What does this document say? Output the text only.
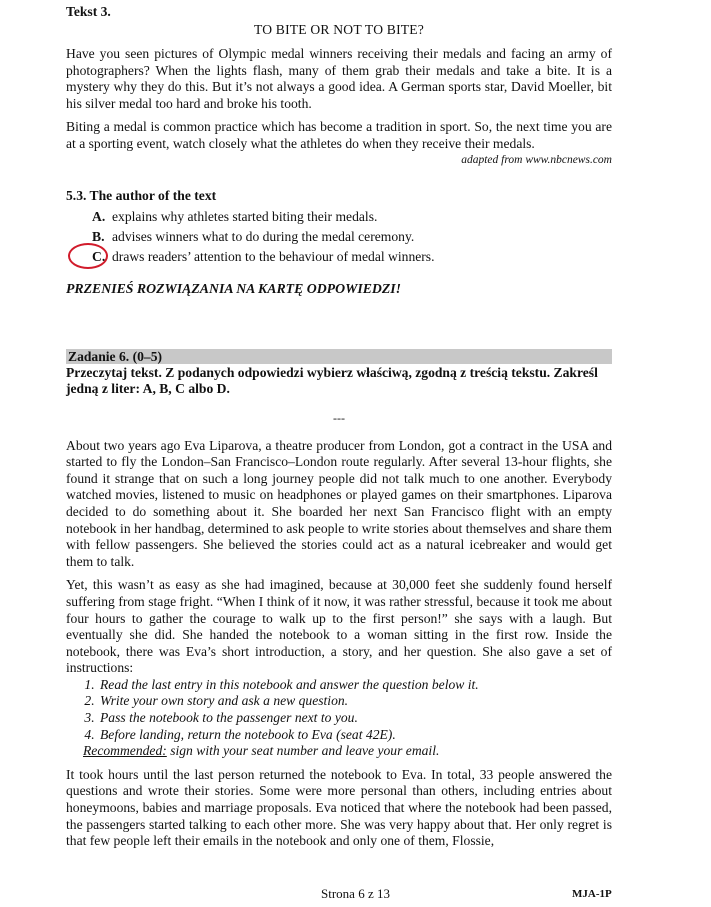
Tekst 3.
TO BITE OR NOT TO BITE?

Have you seen pictures of Olympic medal winners receiving their medals and facing an army of photographers? When the lights flash, many of them grab their medals and take a bite. It is a mystery why they do this. But it’s not always a good idea. A German sports star, David Moeller, bit his silver medal too hard and broke his tooth.

Biting a medal is common practice which has become a tradition in sport. So, the next time you are at a sporting event, watch closely what the athletes do when they receive their medals.

adapted from www.nbcnews.com
5.3. The author of the text
A. explains why athletes started biting their medals.
B. advises winners what to do during the medal ceremony.
C. draws readers’ attention to the behaviour of medal winners.
PRZENIEŚ ROZWIĄZANIA NA KARTĘ ODPOWIEDZI!
Zadanie 6. (0–5)
Przeczytaj tekst. Z podanych odpowiedzi wybierz właściwą, zgodną z treścią tekstu. Zakreśl jedną z liter: A, B, C albo D.
---

About two years ago Eva Liparova, a theatre producer from London, got a contract in the USA and started to fly the London–San Francisco–London route regularly. After several 13-hour flights, she found it strange that on such a long journey people did not talk much to one another. Everybody watched movies, listened to music on headphones or played games on their smartphones. Liparova decided to do something about it. She boarded her next San Francisco flight with an empty notebook in her handbag, determined to ask people to write stories about themselves and share them with fellow passengers. She believed the stories could act as a natural icebreaker and would get them to talk.

Yet, this wasn’t as easy as she had imagined, because at 30,000 feet she suddenly found herself suffering from stage fright. “When I think of it now, it was rather stressful, because it took me about four hours to gather the courage to walk up to the first person!” she says with a laugh. But eventually she did. She handed the notebook to a woman sitting in the first row. Inside the notebook, there was Eva’s short introduction, a story, and her question. She also gave a set of instructions:

1. Read the last entry in this notebook and answer the question below it.
2. Write your own story and ask a new question.
3. Pass the notebook to the passenger next to you.
4. Before landing, return the notebook to Eva (seat 42E).
Recommended: sign with your seat number and leave your email.

It took hours until the last person returned the notebook to Eva. In total, 33 people answered the questions and wrote their stories. Some were more personal than others, including entries about honeymoons, babies and marriage proposals. Eva noticed that where the notebook had been passed, the passengers started talking to each other more. She was very happy about that. Her only regret is that few people left their emails in the notebook and only one of them, Flossie,

Strona 6 z 13	MJA-1P
